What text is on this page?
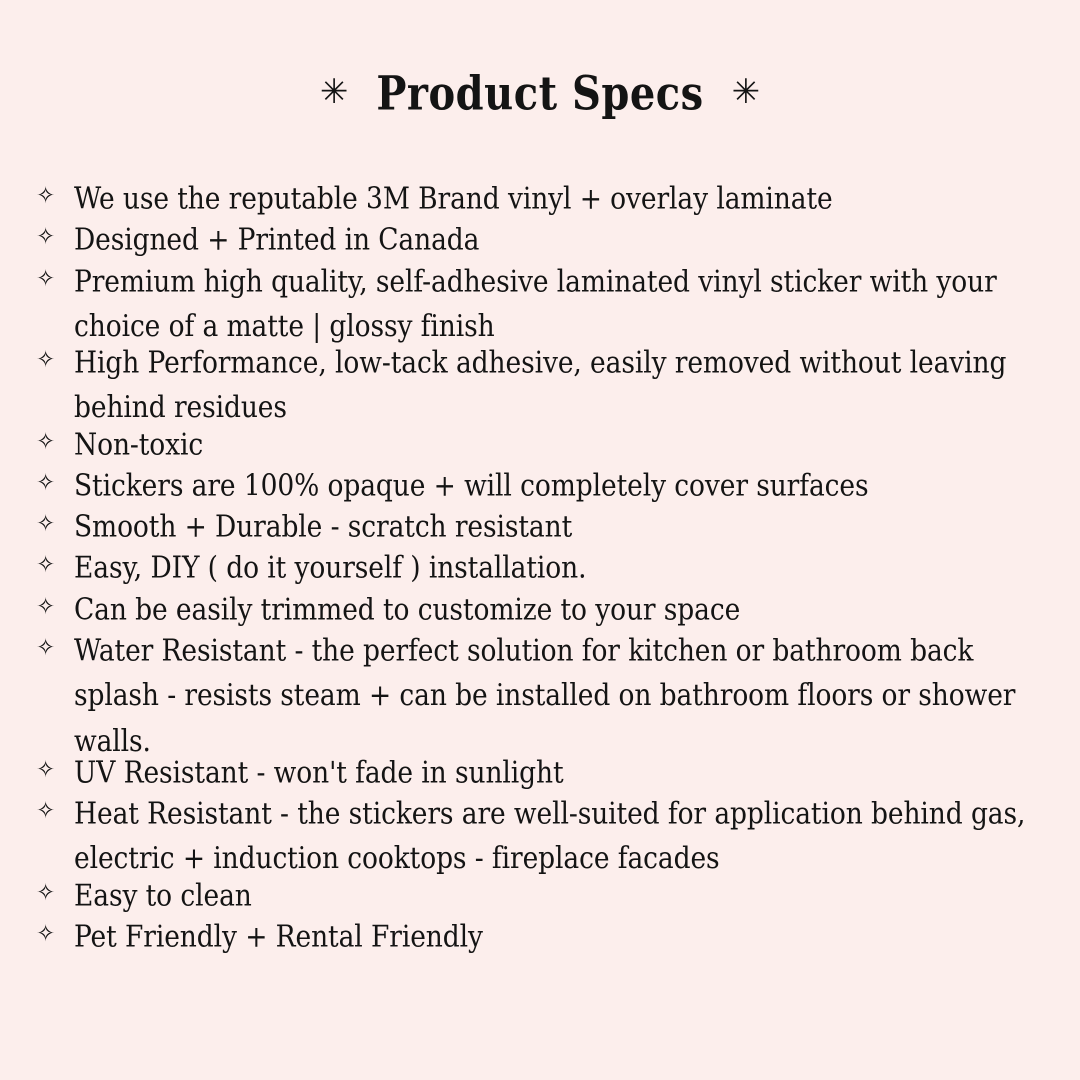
✳ Product Specs ✳
✧ We use the reputable 3M Brand vinyl + overlay laminate
✧ Designed + Printed in Canada
✧ Premium high quality, self-adhesive laminated vinyl sticker with your choice of a matte | glossy finish
✧ High Performance, low-tack adhesive, easily removed without leaving behind residues
✧ Non-toxic
✧ Stickers are 100% opaque + will completely cover surfaces
✧ Smooth + Durable - scratch resistant
✧ Easy, DIY ( do it yourself ) installation.
✧ Can be easily trimmed to customize to your space
✧ Water Resistant - the perfect solution for kitchen or bathroom back splash - resists steam + can be installed on bathroom floors or shower walls.
✧ UV Resistant - won't fade in sunlight
✧ Heat Resistant - the stickers are well-suited for application behind gas, electric + induction cooktops - fireplace facades
✧ Easy to clean
✧ Pet Friendly + Rental Friendly
